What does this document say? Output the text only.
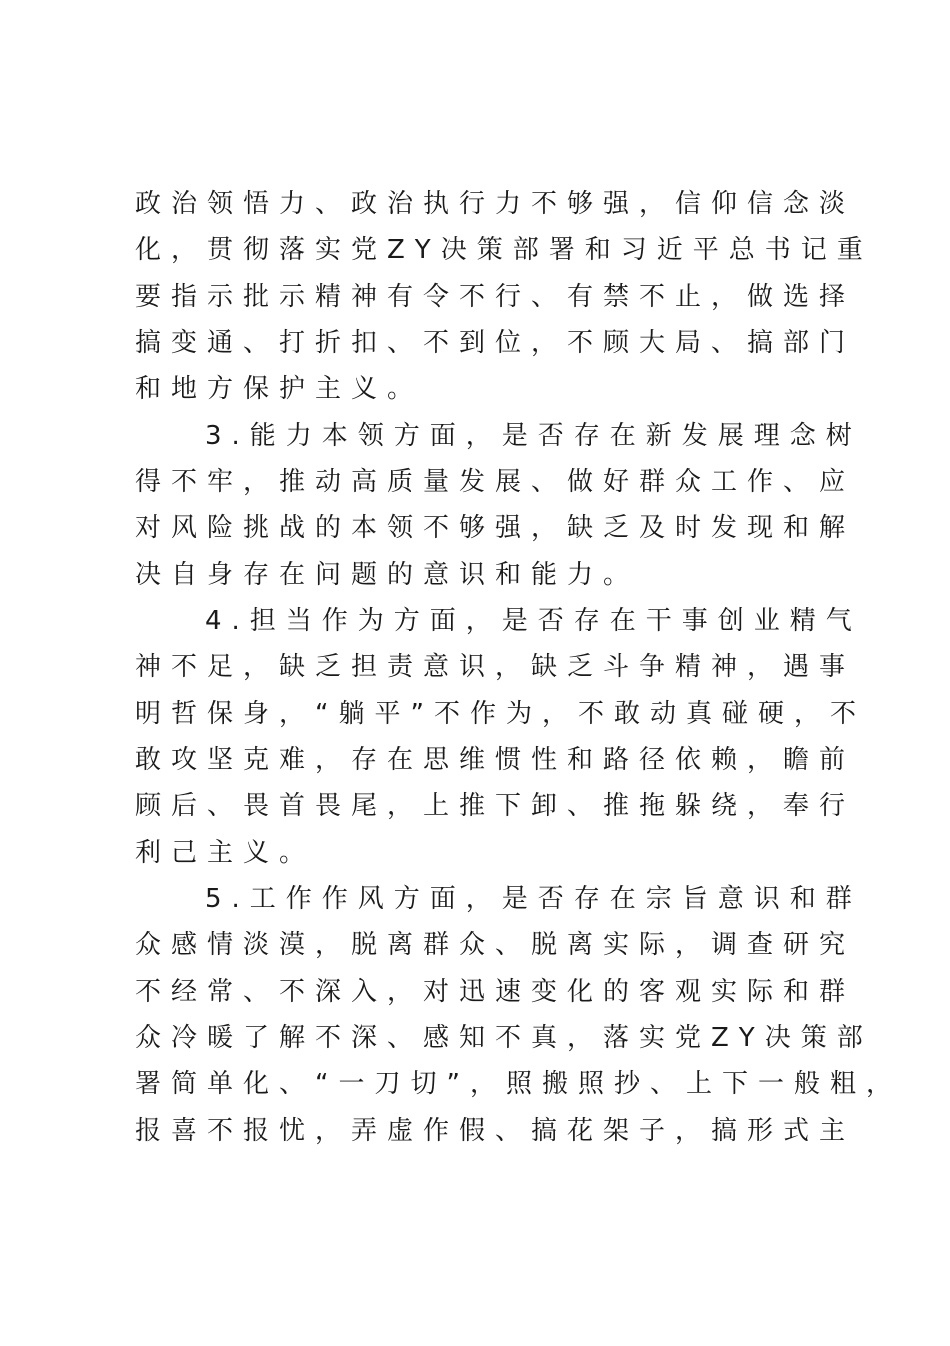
政治领悟力、政治执行力不够强，信仰信念淡
化，贯彻落实党ZY决策部署和习近平总书记重
要指示批示精神有令不行、有禁不止，做选择
搞变通、打折扣、不到位，不顾大局、搞部门
和地方保护主义。
3.能力本领方面，是否存在新发展理念树
得不牢，推动高质量发展、做好群众工作、应
对风险挑战的本领不够强，缺乏及时发现和解
决自身存在问题的意识和能力。
4.担当作为方面，是否存在干事创业精气
神不足，缺乏担责意识，缺乏斗争精神，遇事
明哲保身，“躺平”不作为，不敢动真碰硬，不
敢攻坚克难，存在思维惯性和路径依赖，瞻前
顾后、畏首畏尾，上推下卸、推拖躲绕，奉行
利己主义。
5.工作作风方面，是否存在宗旨意识和群
众感情淡漠，脱离群众、脱离实际，调查研究
不经常、不深入，对迅速变化的客观实际和群
众冷暖了解不深、感知不真，落实党ZY决策部
署简单化、“一刀切”，照搬照抄、上下一般粗，
报喜不报忧，弄虚作假、搞花架子，搞形式主
